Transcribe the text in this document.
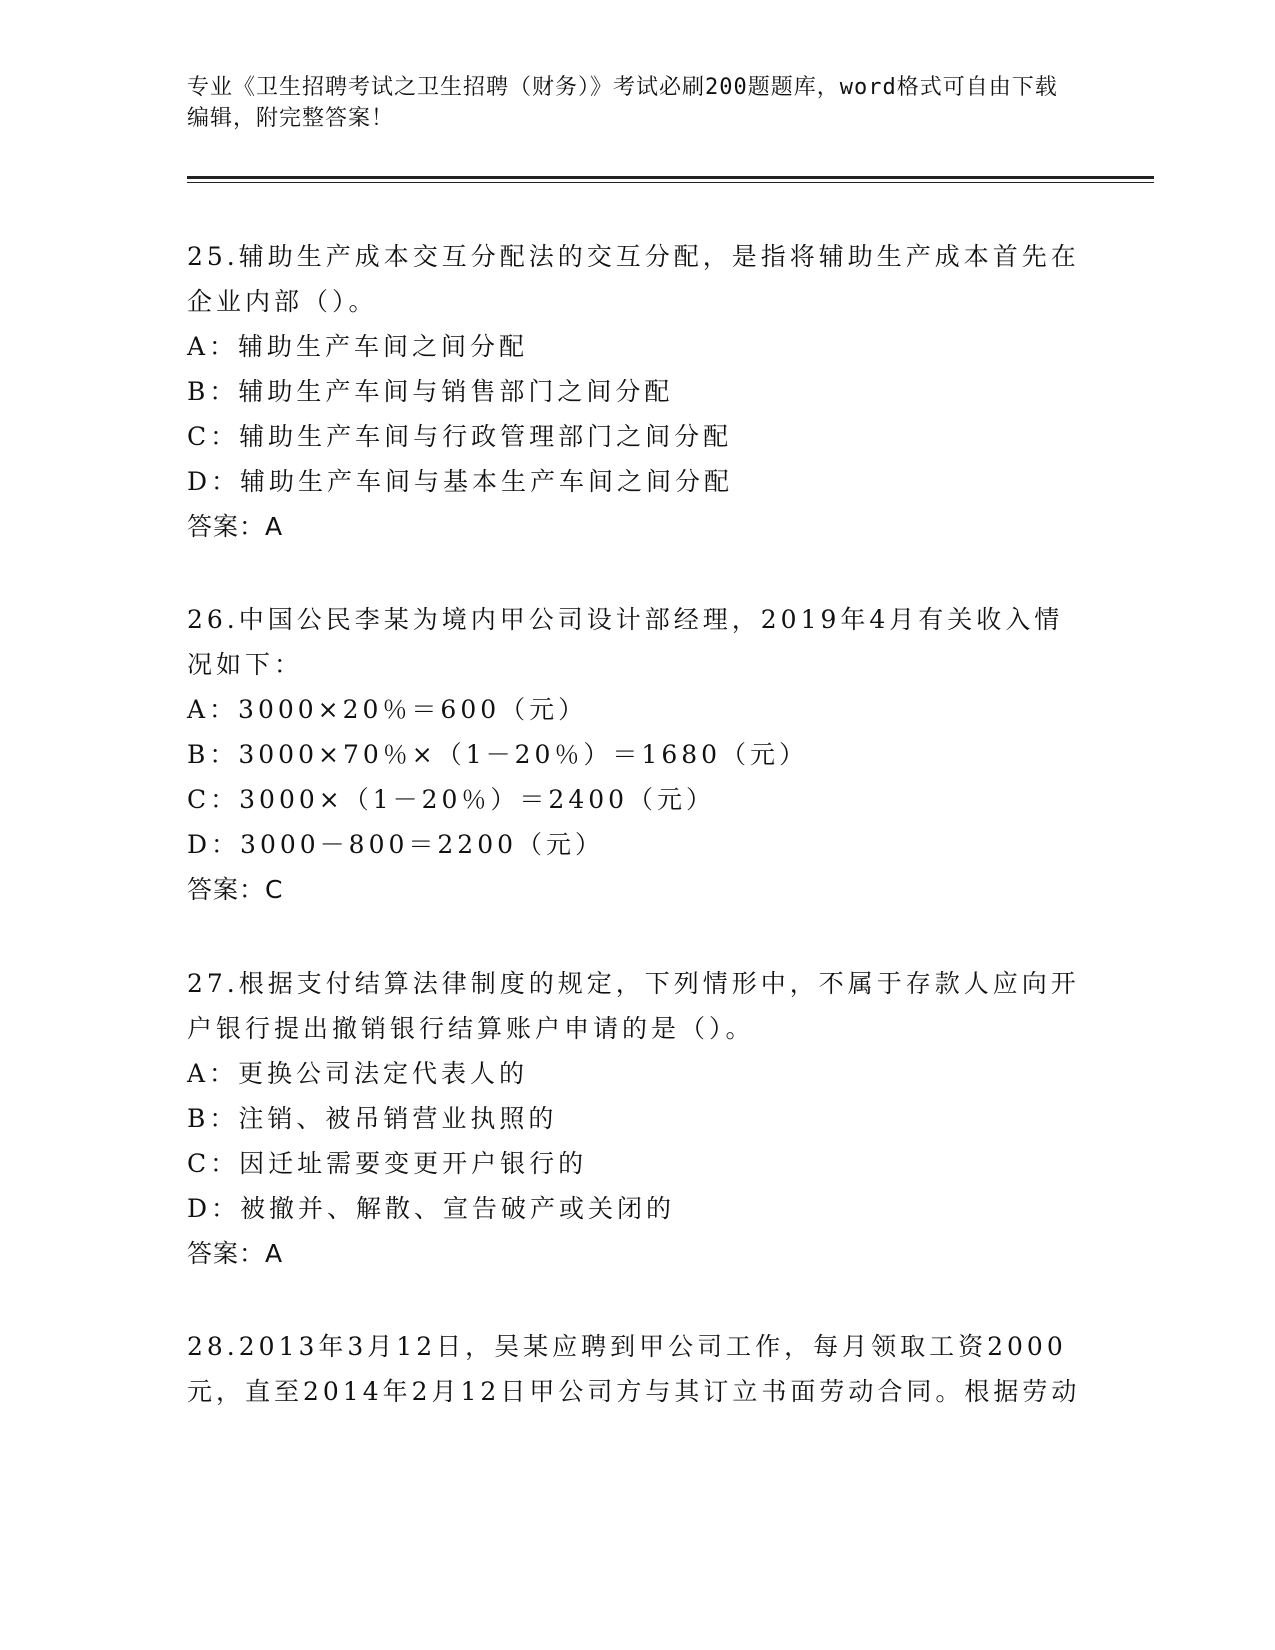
专业《卫生招聘考试之卫生招聘（财务）》考试必刷200题题库，word格式可自由下载编辑，附完整答案！

25.辅助生产成本交互分配法的交互分配，是指将辅助生产成本首先在企业内部（）。

A：辅助生产车间之间分配

B：辅助生产车间与销售部门之间分配

C：辅助生产车间与行政管理部门之间分配

D：辅助生产车间与基本生产车间之间分配

答案：A

26.中国公民李某为境内甲公司设计部经理，2019年4月有关收入情况如下：

A：3000×20％＝600（元）

B：3000×70％×（1－20％）＝1680（元）

C：3000×（1－20％）＝2400（元）

D：3000－800＝2200（元）

答案：C

27.根据支付结算法律制度的规定，下列情形中，不属于存款人应向开户银行提出撤销银行结算账户申请的是（）。

A：更换公司法定代表人的

B：注销、被吊销营业执照的

C：因迁址需要变更开户银行的

D：被撤并、解散、宣告破产或关闭的

答案：A

28.2013年3月12日，吴某应聘到甲公司工作，每月领取工资2000元，直至2014年2月12日甲公司方与其订立书面劳动合同。根据劳动
